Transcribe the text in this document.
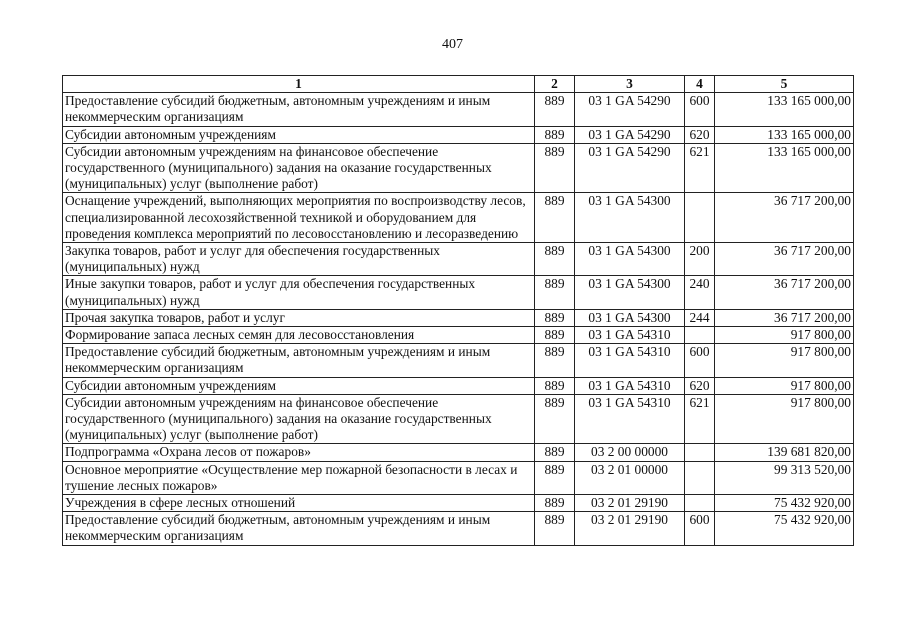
407
1	2	3	4	5
Предоставление субсидий бюджетным, автономным учреждениям и иным некоммерческим организациям	889	03 1 GA 54290	600	133 165 000,00
Субсидии автономным учреждениям	889	03 1 GA 54290	620	133 165 000,00
Субсидии автономным учреждениям на финансовое обеспечение государственного (муниципального) задания на оказание государственных (муниципальных) услуг (выполнение работ)	889	03 1 GA 54290	621	133 165 000,00
Оснащение учреждений, выполняющих мероприятия по воспроизводству лесов, специализированной лесохозяйственной техникой и оборудованием для проведения комплекса мероприятий по лесовосстановлению и лесоразведению	889	03 1 GA 54300		36 717 200,00
Закупка товаров, работ и услуг для обеспечения государственных (муниципальных) нужд	889	03 1 GA 54300	200	36 717 200,00
Иные закупки товаров, работ и услуг для обеспечения государственных (муниципальных) нужд	889	03 1 GA 54300	240	36 717 200,00
Прочая закупка товаров, работ и услуг	889	03 1 GA 54300	244	36 717 200,00
Формирование запаса лесных семян для лесовосстановления	889	03 1 GA 54310		917 800,00
Предоставление субсидий бюджетным, автономным учреждениям и иным некоммерческим организациям	889	03 1 GA 54310	600	917 800,00
Субсидии автономным учреждениям	889	03 1 GA 54310	620	917 800,00
Субсидии автономным учреждениям на финансовое обеспечение государственного (муниципального) задания на оказание государственных (муниципальных) услуг (выполнение работ)	889	03 1 GA 54310	621	917 800,00
Подпрограмма «Охрана лесов от пожаров»	889	03 2 00 00000		139 681 820,00
Основное мероприятие «Осуществление мер пожарной безопасности в лесах и тушение лесных пожаров»	889	03 2 01 00000		99 313 520,00
Учреждения в сфере лесных отношений	889	03 2 01 29190		75 432 920,00
Предоставление субсидий бюджетным, автономным учреждениям и иным некоммерческим организациям	889	03 2 01 29190	600	75 432 920,00
